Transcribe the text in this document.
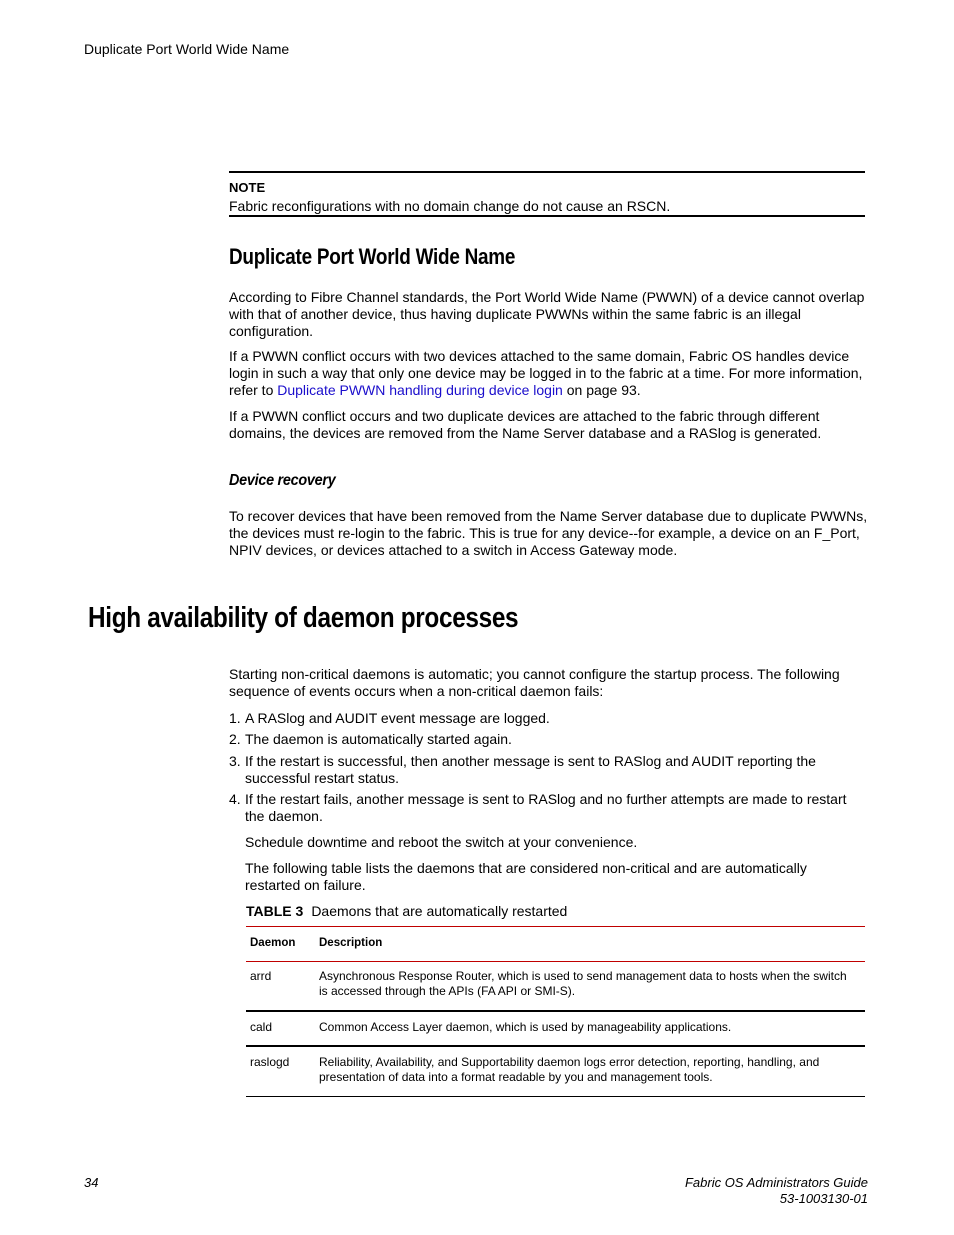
Duplicate Port World Wide Name
NOTE
Fabric reconfigurations with no domain change do not cause an RSCN.
Duplicate Port World Wide Name
According to Fibre Channel standards, the Port World Wide Name (PWWN) of a device cannot overlap with that of another device, thus having duplicate PWWNs within the same fabric is an illegal configuration.
If a PWWN conflict occurs with two devices attached to the same domain, Fabric OS handles device login in such a way that only one device may be logged in to the fabric at a time. For more information, refer to Duplicate PWWN handling during device login on page 93.
If a PWWN conflict occurs and two duplicate devices are attached to the fabric through different domains, the devices are removed from the Name Server database and a RASlog is generated.
Device recovery
To recover devices that have been removed from the Name Server database due to duplicate PWWNs, the devices must re-login to the fabric. This is true for any device--for example, a device on an F_Port, NPIV devices, or devices attached to a switch in Access Gateway mode.
High availability of daemon processes
Starting non-critical daemons is automatic; you cannot configure the startup process. The following sequence of events occurs when a non-critical daemon fails:
1. A RASlog and AUDIT event message are logged.
2. The daemon is automatically started again.
3. If the restart is successful, then another message is sent to RASlog and AUDIT reporting the successful restart status.
4. If the restart fails, another message is sent to RASlog and no further attempts are made to restart the daemon.
Schedule downtime and reboot the switch at your convenience.
The following table lists the daemons that are considered non-critical and are automatically restarted on failure.
TABLE 3 Daemons that are automatically restarted
Daemon Description
arrd	Asynchronous Response Router, which is used to send management data to hosts when the switch is accessed through the APIs (FA API or SMI-S).
cald	Common Access Layer daemon, which is used by manageability applications.
raslogd Reliability, Availability, and Supportability daemon logs error detection, reporting, handling, and presentation of data into a format readable by you and management tools.
34	Fabric OS Administrators Guide
53-1003130-01
